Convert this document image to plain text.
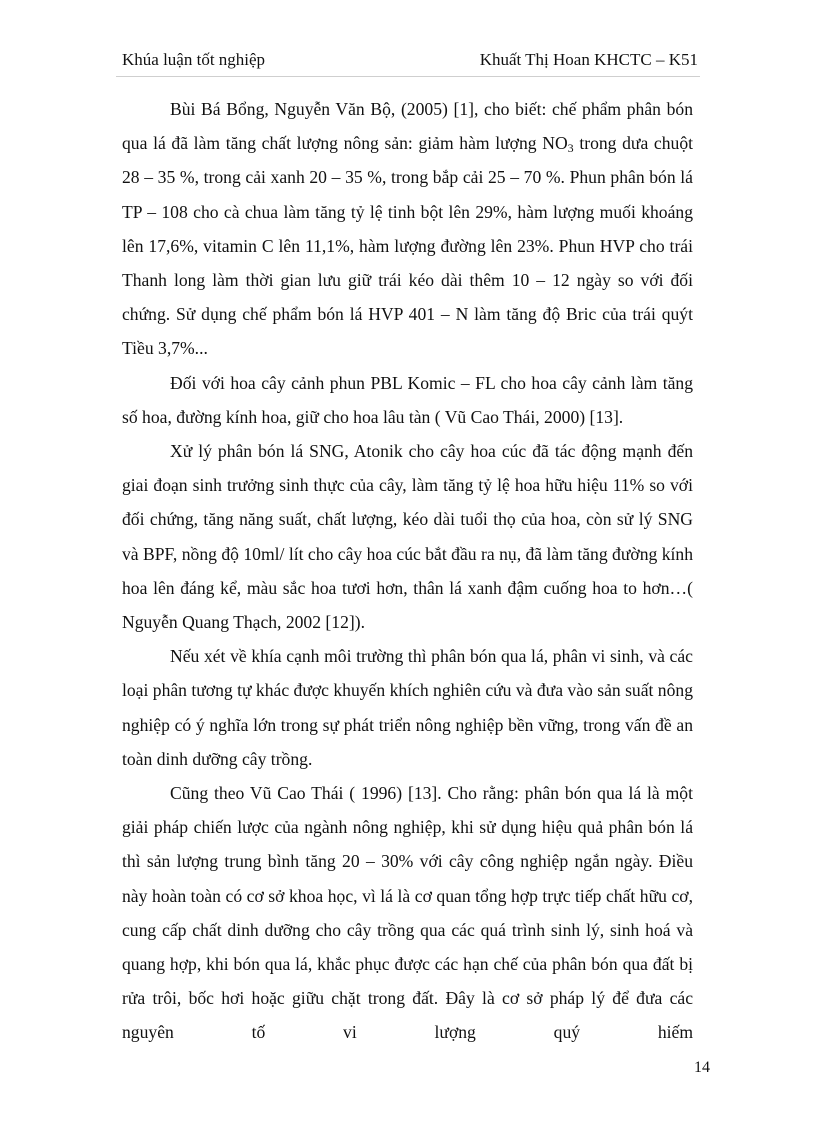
Khúa luận tốt nghiệp	Khuất Thị Hoan KHCTC – K51

Bùi Bá Bổng, Nguyễn Văn Bộ, (2005) [1], cho biết: chế phẩm phân bón qua lá đã làm tăng chất lượng nông sản: giảm hàm lượng $NO_3$ trong dưa chuột 28 – 35 %, trong cải xanh 20 – 35 %, trong bắp cải 25 – 70 %. Phun phân bón lá TP – 108 cho cà chua làm tăng tỷ lệ tinh bột lên 29%, hàm lượng muối khoáng lên 17,6%, vitamin C lên 11,1%, hàm lượng đường lên 23%. Phun HVP cho trái Thanh long làm thời gian lưu giữ trái kéo dài thêm 10 – 12 ngày so với đối chứng. Sử dụng chế phẩm bón lá HVP 401 – N làm tăng độ Bric của trái quýt Tiều 3,7%...

Đối với hoa cây cảnh phun PBL Komic – FL cho hoa cây cảnh làm tăng số hoa, đường kính hoa, giữ cho hoa lâu tàn ( Vũ Cao Thái, 2000) [13].

Xử lý phân bón lá SNG, Atonik cho cây hoa cúc đã tác động mạnh đến giai đoạn sinh trưởng sinh thực của cây, làm tăng tỷ lệ hoa hữu hiệu 11% so với đối chứng, tăng năng suất, chất lượng, kéo dài tuổi thọ của hoa, còn sử lý SNG và BPF, nồng độ 10ml/ lít cho cây hoa cúc bắt đầu ra nụ, đã làm tăng đường kính hoa lên đáng kể, màu sắc hoa tươi hơn, thân lá xanh đậm cuống hoa to hơn…( Nguyễn Quang Thạch, 2002 [12]).

Nếu xét về khía cạnh môi trường thì phân bón qua lá, phân vi sinh, và các loại phân tương tự khác được khuyến khích nghiên cứu và đưa vào sản suất nông nghiệp có ý nghĩa lớn trong sự phát triển nông nghiệp bền vững, trong vấn đề an toàn dinh dưỡng cây trồng.

Cũng theo Vũ Cao Thái ( 1996) [13]. Cho rằng: phân bón qua lá là một giải pháp chiến lược của ngành nông nghiệp, khi sử dụng hiệu quả phân bón lá thì sản lượng trung bình tăng 20 – 30% với cây công nghiệp ngắn ngày. Điều này hoàn toàn có cơ sở khoa học, vì lá là cơ quan tổng hợp trực tiếp chất hữu cơ, cung cấp chất dinh dưỡng cho cây trồng qua các quá trình sinh lý, sinh hoá và quang hợp, khi bón qua lá, khắc phục được các hạn chế của phân bón qua đất bị rửa trôi, bốc hơi hoặc giữu chặt trong đất. Đây là cơ sở pháp lý để đưa các nguyên tố vi lượng quý hiếm

14
